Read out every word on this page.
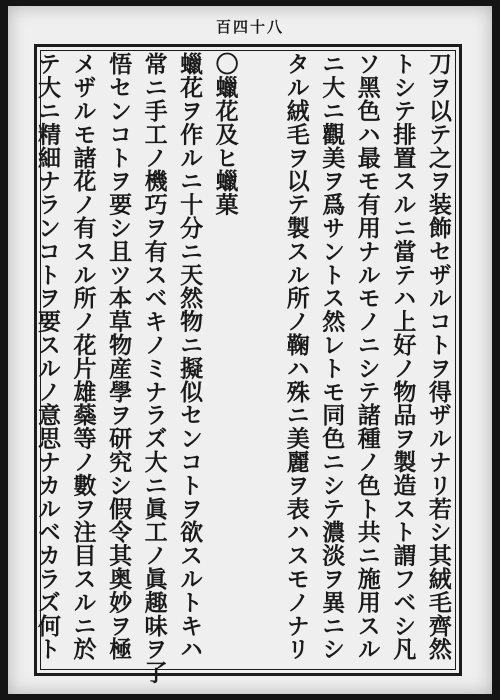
百四十八
刀ヲ以テ之ヲ装飾セザルコトヲ得ザルナリ若シ其絨毛齊然
トシテ排置スルニ當テハ上好ノ物品ヲ製造スト謂フベシ凡
ソ黑色ハ最モ有用ナルモノニシテ諸種ノ色ト共ニ施用スル
ニ大ニ觀美ヲ爲サントス然レトモ同色ニシテ濃淡ヲ異ニシ
タル絨毛ヲ以テ製スル所ノ鞠ハ殊ニ美麗ヲ表ハスモノナリ
〇蠟花及ヒ蠟菓
蠟花ヲ作ルニ十分ニ天然物ニ擬似センコトヲ欲スルトキハ
常ニ手工ノ機巧ヲ有スベキノミナラズ大ニ眞工ノ眞趣味ヲ了
悟センコトヲ要シ且ツ本草物産學ヲ研究シ假令其奥妙ヲ極
メザルモ諸花ノ有スル所ノ花片雄蘂等ノ數ヲ注目スルニ於
テ大ニ精細ナランコトヲ要スルノ意思ナカルベカラズ何ト
